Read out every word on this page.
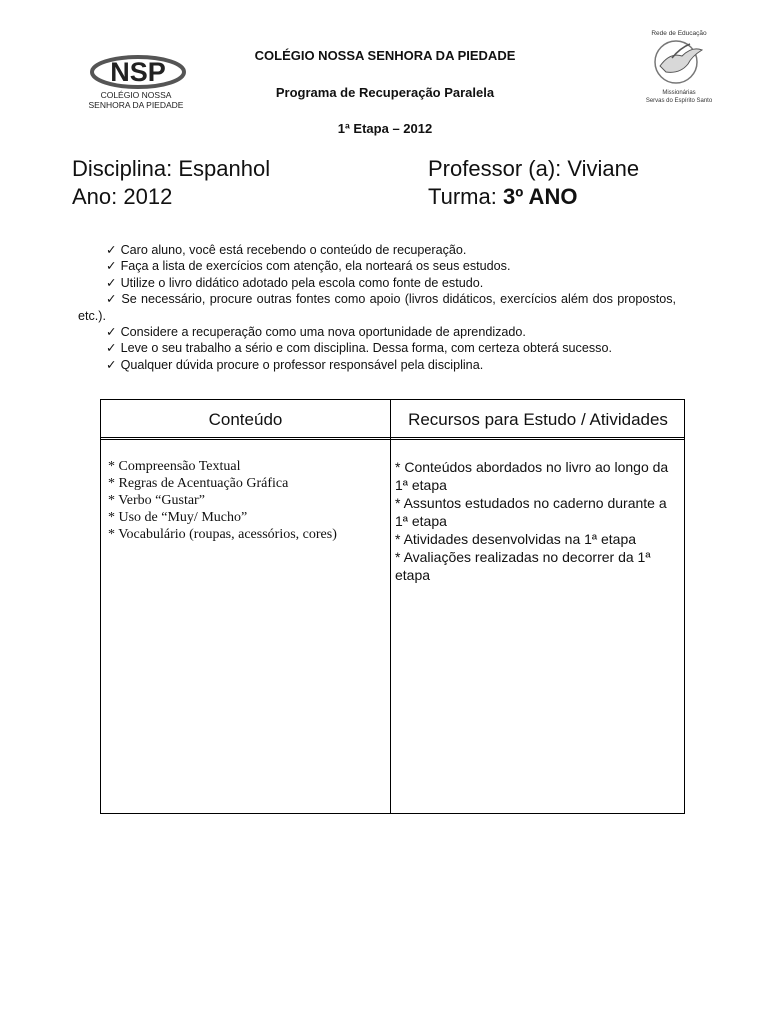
NSP
COLÉGIO NOSSA
SENHORA DA PIEDADE
Rede de Educação
Missionárias
Servas do Espírito Santo
COLÉGIO NOSSA SENHORA DA PIEDADE
Programa de Recuperação Paralela
1ª Etapa – 2012
Disciplina: Espanhol
Ano: 2012
Professor (a): Viviane
Turma: 3º ANO

✓ Caro aluno, você está recebendo o conteúdo de recuperação.

✓ Faça a lista de exercícios com atenção, ela norteará os seus estudos.

✓ Utilize o livro didático adotado pela escola como fonte de estudo.

✓ Se necessário, procure outras fontes como apoio (livros didáticos, exercícios além dos propostos, etc.).

✓ Considere a recuperação como uma nova oportunidade de aprendizado.

✓ Leve o seu trabalho a sério e com disciplina. Dessa forma, com certeza obterá sucesso.

✓ Qualquer dúvida procure o professor responsável pela disciplina.

Conteúdo	Recursos para Estudo / Atividades

* Compreensão Textual

* Regras de Acentuação Gráfica

* Verbo “Gustar”

* Uso de “Muy/ Mucho”

* Vocabulário (roupas, acessórios, cores)

* Conteúdos abordados no livro ao longo da 1ª etapa

* Assuntos estudados no caderno durante a 1ª etapa

* Atividades desenvolvidas na 1ª etapa

* Avaliações realizadas no decorrer da 1ª etapa
